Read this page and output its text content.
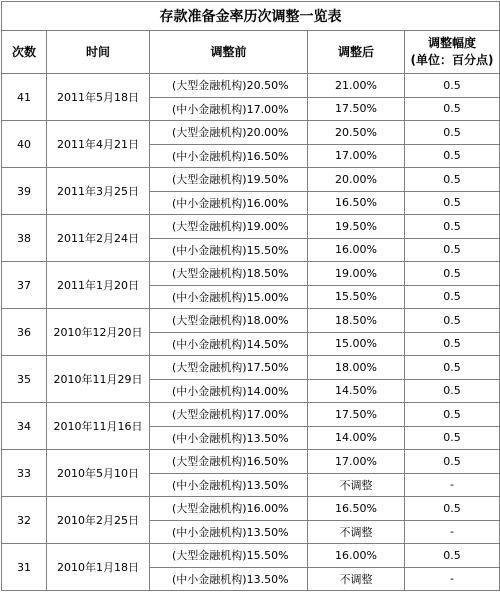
存款准备金率历次调整一览表				
次数	时间	调整前	调整后	调整幅度
(单位：百分点)
41	2011年5月18日	(大型金融机构)20.50%	21.00%	0.5
		(中小金融机构)17.00%	17.50%	0.5
40	2011年4月21日	(大型金融机构)20.00%	20.50%	0.5
		(中小金融机构)16.50%	17.00%	0.5
39	2011年3月25日	(大型金融机构)19.50%	20.00%	0.5
		(中小金融机构)16.00%	16.50%	0.5
38	2011年2月24日	(大型金融机构)19.00%	19.50%	0.5
		(中小金融机构)15.50%	16.00%	0.5
37	2011年1月20日	(大型金融机构)18.50%	19.00%	0.5
		(中小金融机构)15.00%	15.50%	0.5
36	2010年12月20日	(大型金融机构)18.00%	18.50%	0.5
		(中小金融机构)14.50%	15.00%	0.5
35	2010年11月29日	(大型金融机构)17.50%	18.00%	0.5
		(中小金融机构)14.00%	14.50%	0.5
34	2010年11月16日	(大型金融机构)17.00%	17.50%	0.5
		(中小金融机构)13.50%	14.00%	0.5
33	2010年5月10日	(大型金融机构)16.50%	17.00%	0.5
		(中小金融机构)13.50%	不调整	-
32	2010年2月25日	(大型金融机构)16.00%	16.50%	0.5
		(中小金融机构)13.50%	不调整	-
31	2010年1月18日	(大型金融机构)15.50%	16.00%	0.5
		(中小金融机构)13.50%	不调整	-
